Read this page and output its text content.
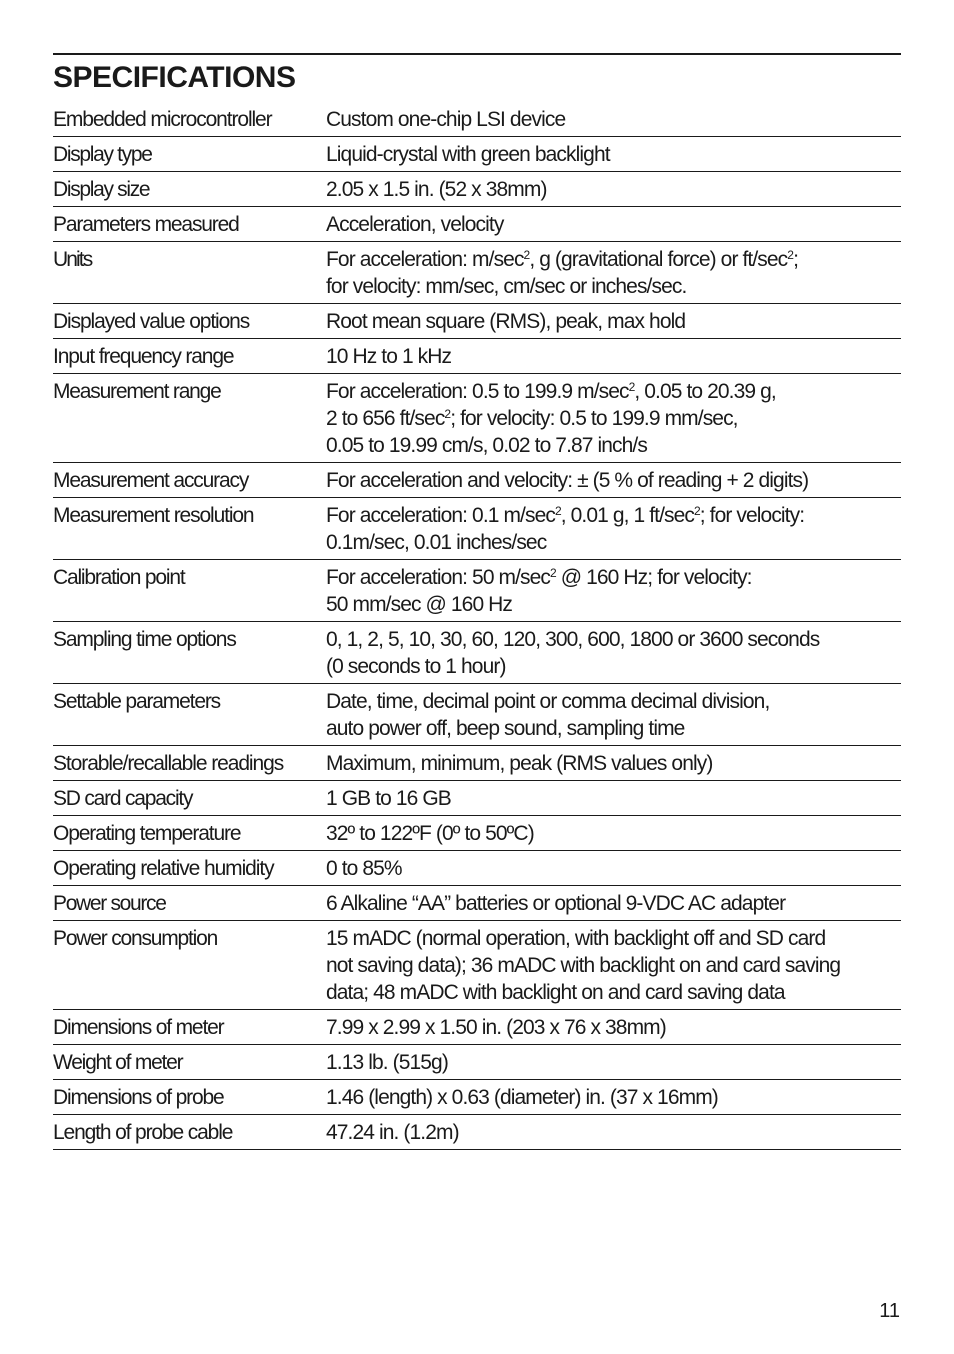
SPECIFICATIONS
Embedded microcontroller	Custom one-chip LSI device

Display type	Liquid-crystal with green backlight

Display size	2.05 x 1.5 in. (52 x 38mm)

Parameters measured	Acceleration, velocity

Units	For acceleration: $m/\sec^2$, g (gravitational force) or $ft/\sec^2$;
for velocity: mm/sec, cm/sec or inches/sec.

Displayed value options	Root mean square (RMS), peak, max hold

Input frequency range	10 Hz to 1 kHz

Measurement range	For acceleration: 0.5 to 199.9 $m/\sec^2$, 0.05 to 20.39 g,
2 to 656 $ft/\sec^2$; for velocity: 0.5 to 199.9 mm/sec,
0.05 to 19.99 cm/s, 0.02 to 7.87 inch/s

Measurement accuracy	For acceleration and velocity: ± (5 % of reading + 2 digits)

Measurement resolution	For acceleration: 0.1 $m/\sec^2$, 0.01 g, 1 $ft/\sec^2$; for velocity:
0.1m/sec, 0.01 inches/sec

Calibration point	For acceleration: 50 $m/\sec^2$ @ 160 Hz; for velocity:
50 mm/sec @ 160 Hz

Sampling time options	0, 1, 2, 5, 10, 30, 60, 120, 300, 600, 1800 or 3600 seconds
(0 seconds to 1 hour)

Settable parameters	Date, time, decimal point or comma decimal division,
auto power off, beep sound, sampling time

Storable/recallable readings	Maximum, minimum, peak (RMS values only)

SD card capacity	1 GB to 16 GB

Operating temperature	32º to 122ºF (0º to 50ºC)

Operating relative humidity	0 to 85%

Power source	6 Alkaline “AA” batteries or optional 9-VDC AC adapter

Power consumption	15 mADC (normal operation, with backlight off and SD card
not saving data); 36 mADC with backlight on and card saving
data; 48 mADC with backlight on and card saving data

Dimensions of meter	7.99 x 2.99 x 1.50 in. (203 x 76 x 38mm)

Weight of meter	1.13 lb. (515g)

Dimensions of probe	1.46 (length) x 0.63 (diameter) in. (37 x 16mm)

Length of probe cable	47.24 in. (1.2m)
11
